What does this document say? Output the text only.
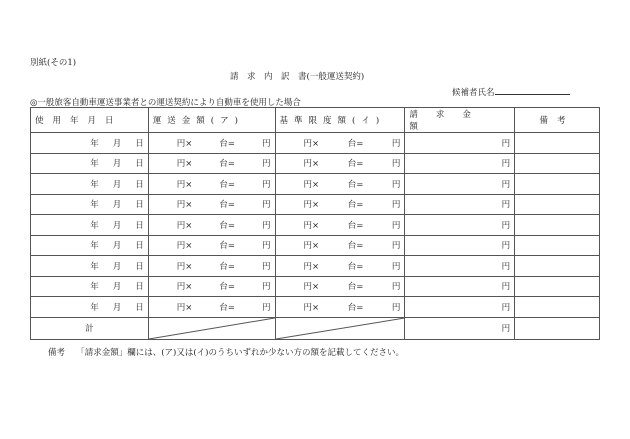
別紙(その1)
請　求　内　訳　書(一般運送契約)
候補者氏名
◎一般旅客自動車運送事業者との運送契約により自動車を使用した場合
使用年月日	運送金額(ア)	基準限度額(イ)	請求金額	備考
年 月 日	円× 台= 円	円× 台= 円	円	
年 月 日	円× 台= 円	円× 台= 円	円	
年 月 日	円× 台= 円	円× 台= 円	円	
年 月 日	円× 台= 円	円× 台= 円	円	
年 月 日	円× 台= 円	円× 台= 円	円	
年 月 日	円× 台= 円	円× 台= 円	円	
年 月 日	円× 台= 円	円× 台= 円	円	
年 月 日	円× 台= 円	円× 台= 円	円	
年 月 日	円× 台= 円	円× 台= 円	円	
計			円	
備考　 「請求金額」欄には、(ア)又は(イ)のうちいずれか少ない方の額を記載してください。
